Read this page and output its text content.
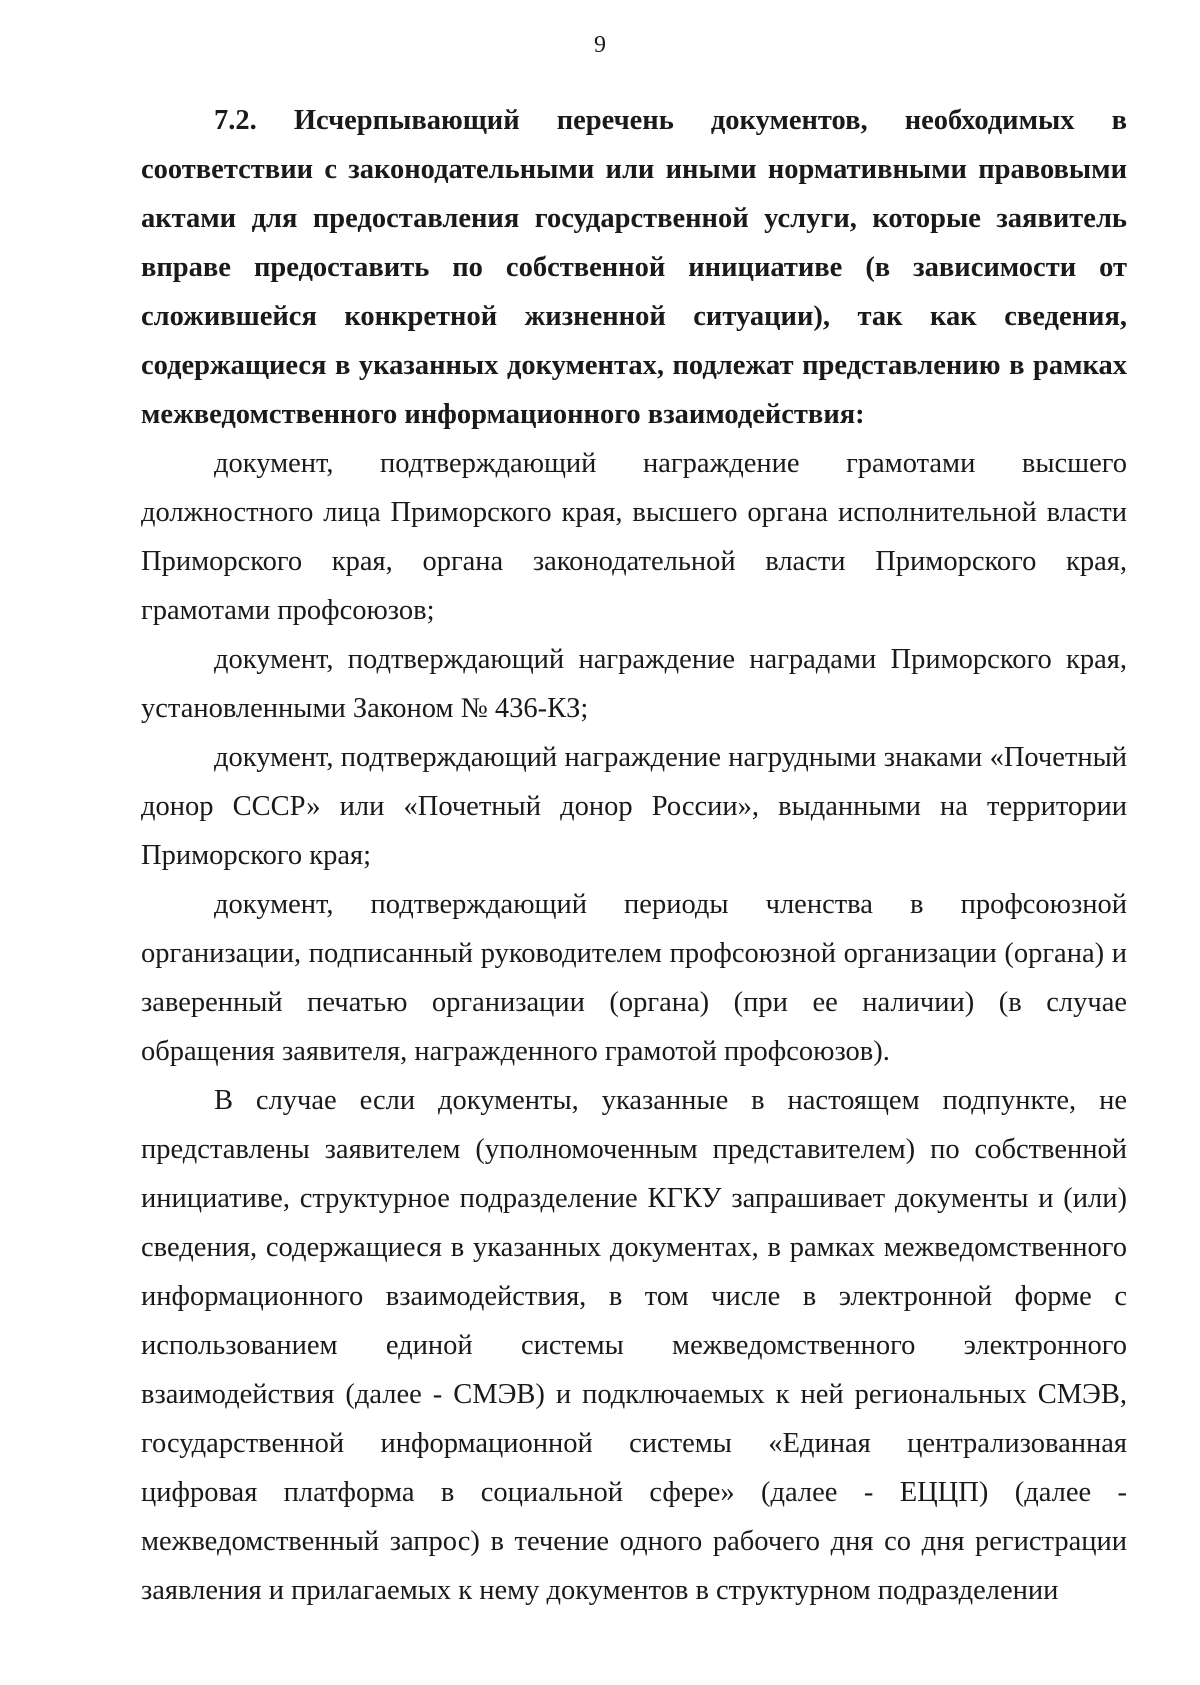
9

7.2. Исчерпывающий перечень документов, необходимых в соответствии с законодательными или иными нормативными правовыми актами для предоставления государственной услуги, которые заявитель вправе предоставить по собственной инициативе (в зависимости от сложившейся конкретной жизненной ситуации), так как сведения, содержащиеся в указанных документах, подлежат представлению в рамках межведомственного информационного взаимодействия:

документ, подтверждающий награждение грамотами высшего должностного лица Приморского края, высшего органа исполнительной власти Приморского края, органа законодательной власти Приморского края, грамотами профсоюзов;

документ, подтверждающий награждение наградами Приморского края, установленными Законом № 436-КЗ;

документ, подтверждающий награждение нагрудными знаками «Почетный донор СССР» или «Почетный донор России», выданными на территории Приморского края;

документ, подтверждающий периоды членства в профсоюзной организации, подписанный руководителем профсоюзной организации (органа) и заверенный печатью организации (органа) (при ее наличии) (в случае обращения заявителя, награжденного грамотой профсоюзов).

В случае если документы, указанные в настоящем подпункте, не представлены заявителем (уполномоченным представителем) по собственной инициативе, структурное подразделение КГКУ запрашивает документы и (или) сведения, содержащиеся в указанных документах, в рамках межведомственного информационного взаимодействия, в том числе в электронной форме с использованием единой системы межведомственного электронного взаимодействия (далее - СМЭВ) и подключаемых к ней региональных СМЭВ, государственной информационной системы «Единая централизованная цифровая платформа в социальной сфере» (далее - ЕЦЦП) (далее - межведомственный запрос) в течение одного рабочего дня со дня регистрации заявления и прилагаемых к нему документов в структурном подразделении
